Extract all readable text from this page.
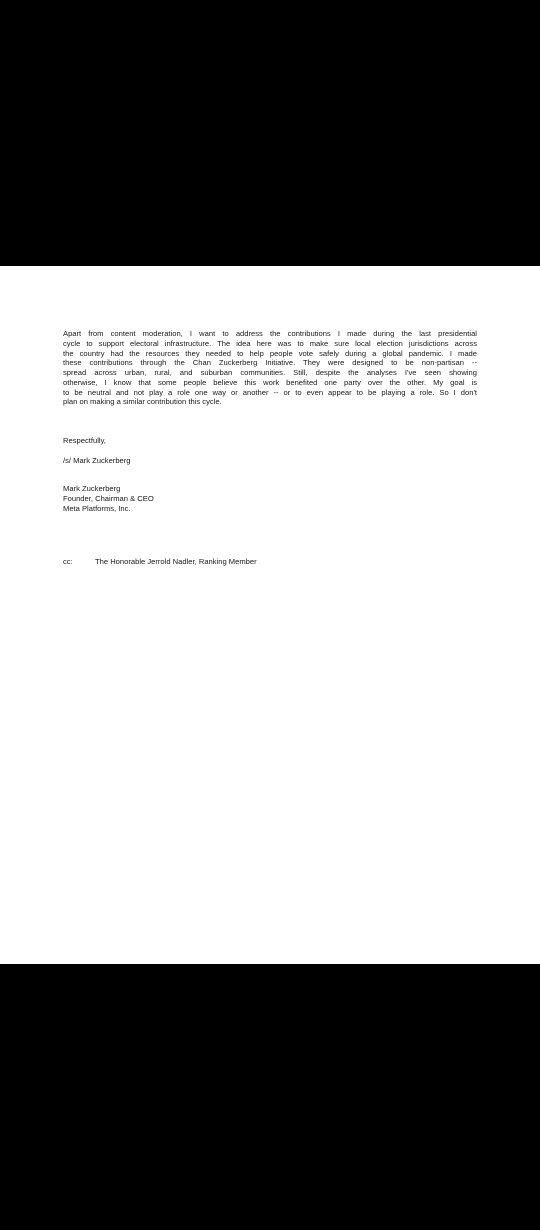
Apart from content moderation, I want to address the contributions I made during the last presidential
cycle to support electoral infrastructure. The idea here was to make sure local election jurisdictions across
the country had the resources they needed to help people vote safely during a global pandemic. I made
these contributions through the Chan Zuckerberg Initiative. They were designed to be non-partisan --
spread across urban, rural, and suburban communities. Still, despite the analyses I've seen showing
otherwise, I know that some people believe this work benefited one party over the other. My goal is
to be neutral and not play a role one way or another -- or to even appear to be playing a role. So I don't
plan on making a similar contribution this cycle.

Respectfully,

/s/ Mark Zuckerberg

Mark Zuckerberg
Founder, Chairman & CEO
Meta Platforms, Inc.

cc:	The Honorable Jerrold Nadler, Ranking Member
